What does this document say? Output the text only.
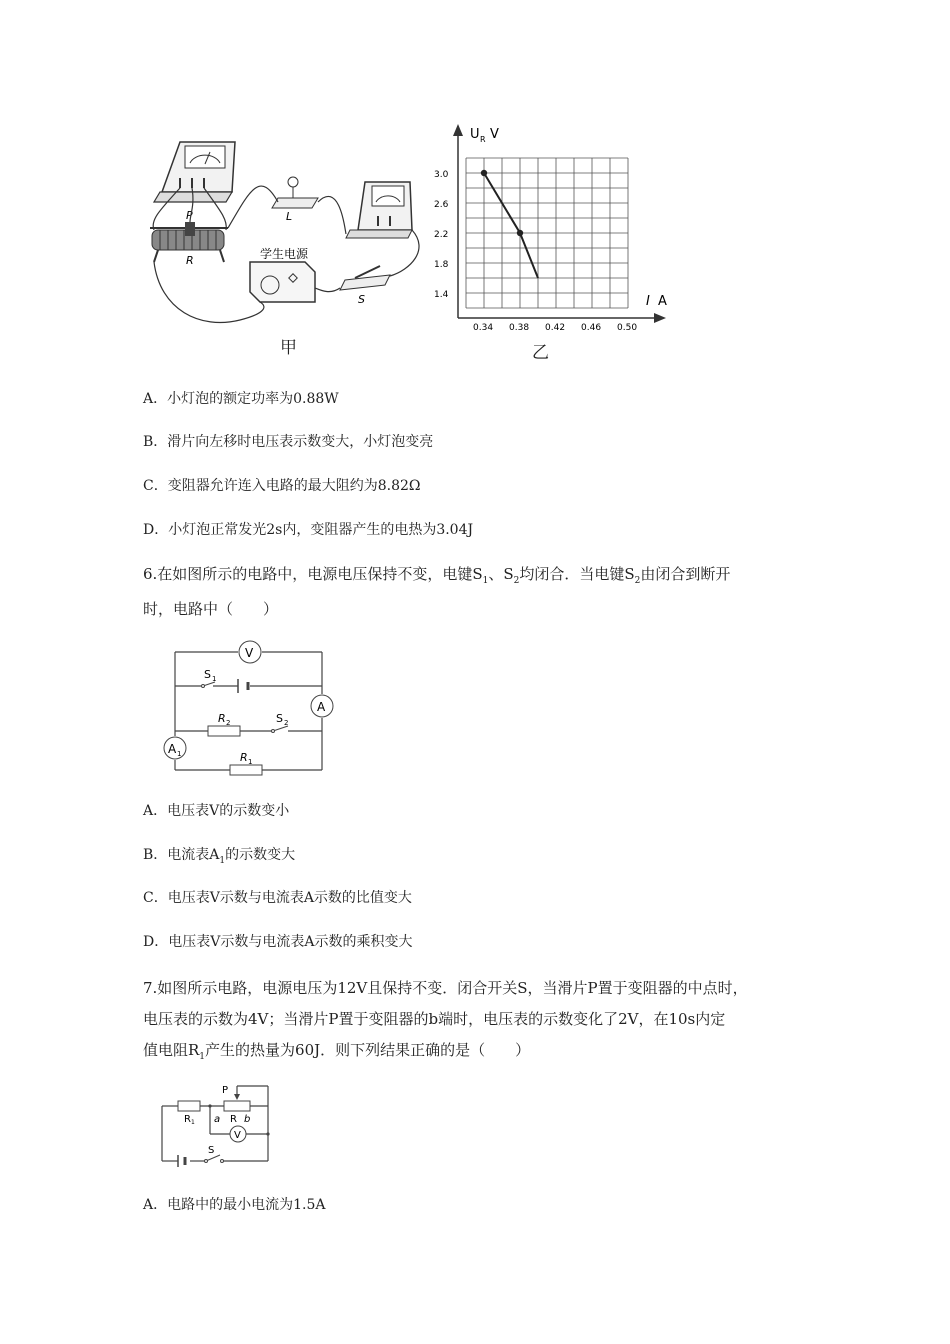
P
R
L
学生电源
S
甲
U R V
I A
3.0
2.6
2.2
1.8
1.4
0.34 0.38 0.42 0.46 0.50
乙
A．小灯泡的额定功率为0.88W
B．滑片向左移时电压表示数变大，小灯泡变亮
C．变阻器允许连入电路的最大阻约为8.82Ω
D．小灯泡正常发光2s内，变阻器产生的电热为3.04J
6.在如图所示的电路中，电源电压保持不变，电键$S_1$、$S_2$均闭合．当电键$S_2$由闭合到断开
时，电路中（　　）
V
A
A 1
S 1
R 2	S 2
R 1
A．电压表V的示数变小
B．电流表$A_1$的示数变大
C．电压表V示数与电流表A示数的比值变大
D．电压表V示数与电流表A示数的乘积变大
7.如图所示电路，电源电压为12V且保持不变．闭合开关S，当滑片P置于变阻器的中点时，
电压表的示数为4V；当滑片P置于变阻器的b端时，电压表的示数变化了2V，在10s内定
值电阻$R_1$产生的热量为60J．则下列结果正确的是（　　）
R 1
P
a R b
V
S
A．电路中的最小电流为1.5A
